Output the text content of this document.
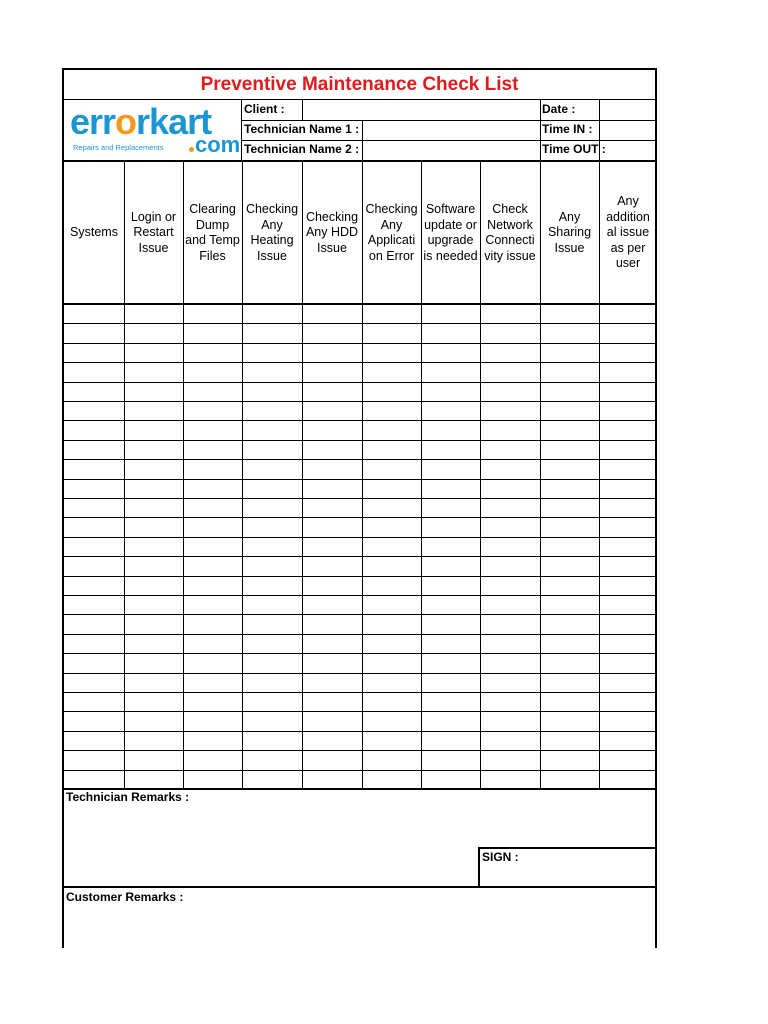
Preventive Maintenance Check List
errorkart
Repairs and Replacements com
Client :
Technician Name 1 :
Technician Name 2 :
Date :
Time IN :
Time OUT :
Systems
Login or Restart Issue
Clearing Dump and Temp Files
Checking Any Heating Issue
Checking Any HDD Issue
Checking Any Applicati on Error
Software update or upgrade is needed
Check Network Connecti vity issue
Any Sharing Issue
Any addition al issue as per user
Technician Remarks :
SIGN :
Customer Remarks :
